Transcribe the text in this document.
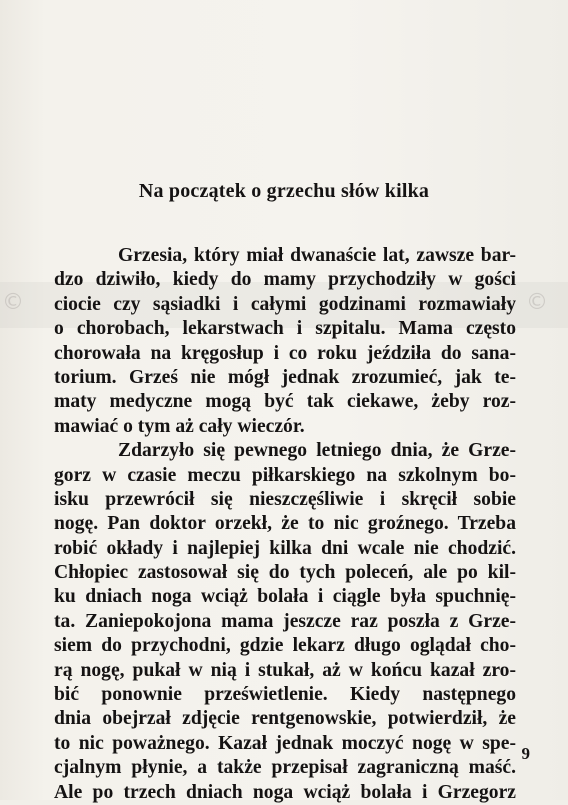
©	©
Na początek o grzechu słów kilka
Grzesia, który miał dwanaście lat, zawsze bar-
dzo dziwiło, kiedy do mamy przychodziły w gości
ciocie czy sąsiadki i całymi godzinami rozmawiały
o chorobach, lekarstwach i szpitalu. Mama często
chorowała na kręgosłup i co roku jeździła do sana-
torium. Grześ nie mógł jednak zrozumieć, jak te-
maty medyczne mogą być tak ciekawe, żeby roz-
mawiać o tym aż cały wieczór.
Zdarzyło się pewnego letniego dnia, że Grze-
gorz w czasie meczu piłkarskiego na szkolnym bo-
isku przewrócił się nieszczęśliwie i skręcił sobie
nogę. Pan doktor orzekł, że to nic groźnego. Trzeba
robić okłady i najlepiej kilka dni wcale nie chodzić.
Chłopiec zastosował się do tych poleceń, ale po kil-
ku dniach noga wciąż bolała i ciągle była spuchnię-
ta. Zaniepokojona mama jeszcze raz poszła z Grze-
siem do przychodni, gdzie lekarz długo oglądał cho-
rą nogę, pukał w nią i stukał, aż w końcu kazał zro-
bić ponownie prześwietlenie. Kiedy następnego
dnia obejrzał zdjęcie rentgenowskie, potwierdził, że
to nic poważnego. Kazał jednak moczyć nogę w spe-
cjalnym płynie, a także przepisał zagraniczną maść.
Ale po trzech dniach noga wciąż bolała i Grzegorz
9
